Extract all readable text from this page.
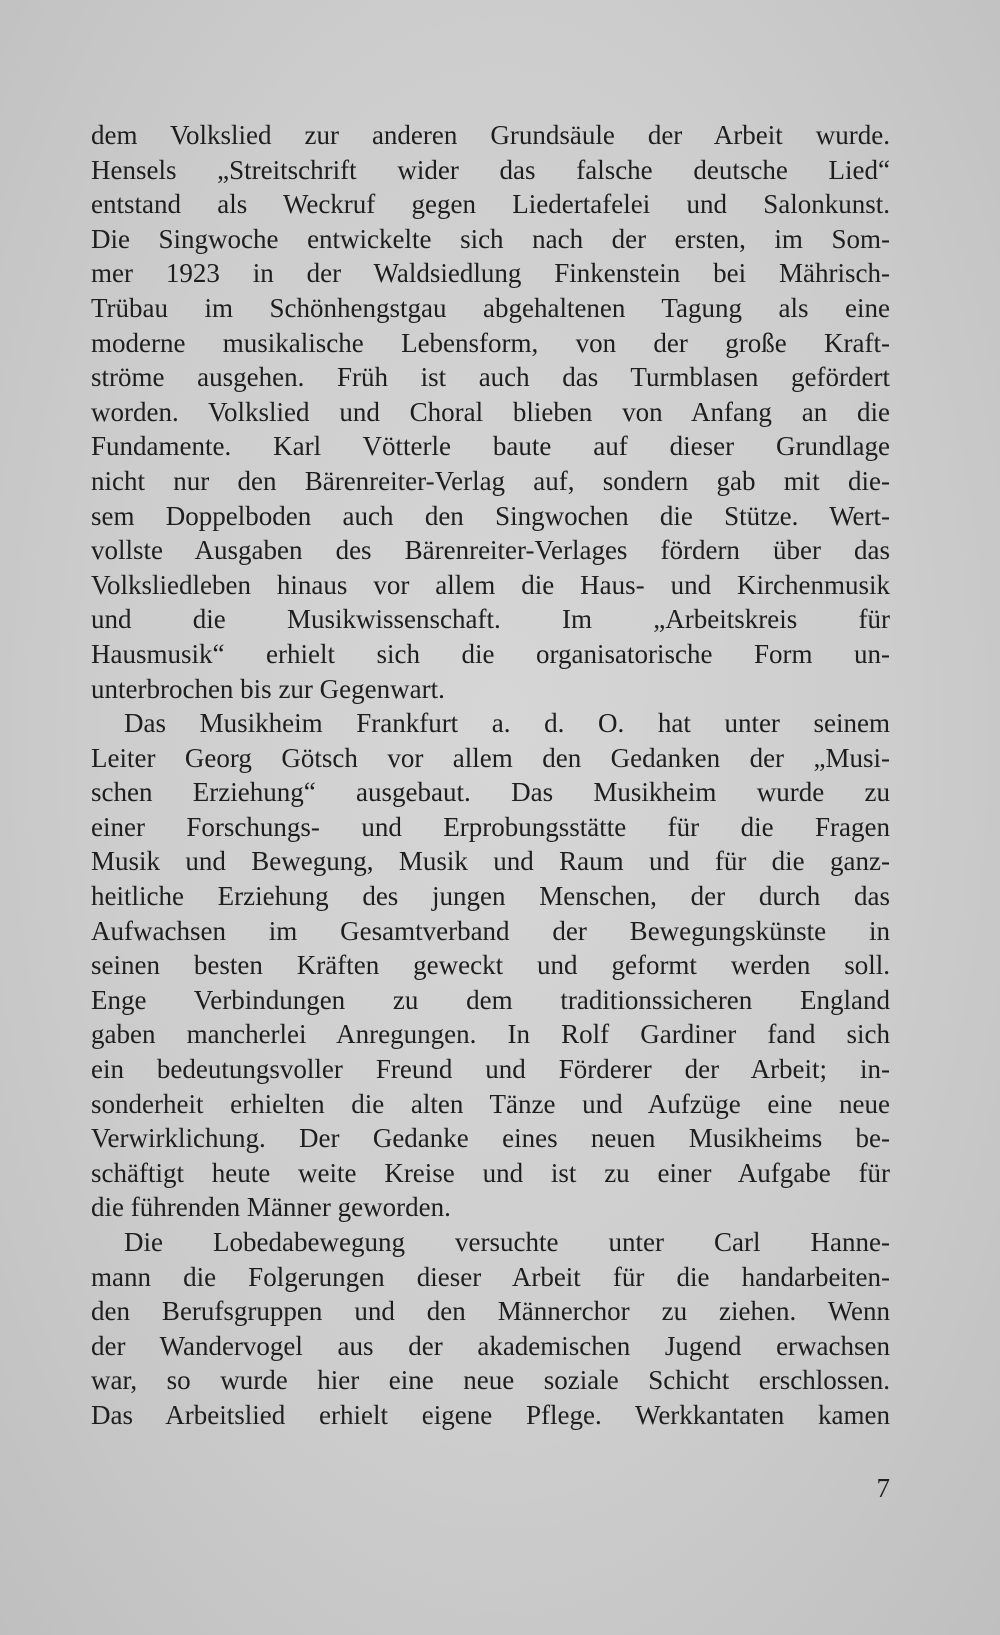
dem Volkslied zur anderen Grundsäule der Arbeit wurde.
Hensels „Streitschrift wider das falsche deutsche Lied“
entstand als Weckruf gegen Liedertafelei und Salonkunst.
Die Singwoche entwickelte sich nach der ersten, im Som-
mer 1923 in der Waldsiedlung Finkenstein bei Mährisch-
Trübau im Schönhengstgau abgehaltenen Tagung als eine
moderne musikalische Lebensform, von der große Kraft-
ströme ausgehen. Früh ist auch das Turmblasen gefördert
worden. Volkslied und Choral blieben von Anfang an die
Fundamente. Karl Vötterle baute auf dieser Grundlage
nicht nur den Bärenreiter-Verlag auf, sondern gab mit die-
sem Doppelboden auch den Singwochen die Stütze. Wert-
vollste Ausgaben des Bärenreiter-Verlages fördern über das
Volksliedleben hinaus vor allem die Haus- und Kirchenmusik
und die Musikwissenschaft. Im „Arbeitskreis für
Hausmusik“ erhielt sich die organisatorische Form un-
unterbrochen bis zur Gegenwart.
Das Musikheim Frankfurt a. d. O. hat unter seinem
Leiter Georg Götsch vor allem den Gedanken der „Musi-
schen Erziehung“ ausgebaut. Das Musikheim wurde zu
einer Forschungs- und Erprobungsstätte für die Fragen
Musik und Bewegung, Musik und Raum und für die ganz-
heitliche Erziehung des jungen Menschen, der durch das
Aufwachsen im Gesamtverband der Bewegungskünste in
seinen besten Kräften geweckt und geformt werden soll.
Enge Verbindungen zu dem traditionssicheren England
gaben mancherlei Anregungen. In Rolf Gardiner fand sich
ein bedeutungsvoller Freund und Förderer der Arbeit; in-
sonderheit erhielten die alten Tänze und Aufzüge eine neue
Verwirklichung. Der Gedanke eines neuen Musikheims be-
schäftigt heute weite Kreise und ist zu einer Aufgabe für
die führenden Männer geworden.
Die Lobedabewegung versuchte unter Carl Hanne-
mann die Folgerungen dieser Arbeit für die handarbeiten-
den Berufsgruppen und den Männerchor zu ziehen. Wenn
der Wandervogel aus der akademischen Jugend erwachsen
war, so wurde hier eine neue soziale Schicht erschlossen.
Das Arbeitslied erhielt eigene Pflege. Werkkantaten kamen
7
